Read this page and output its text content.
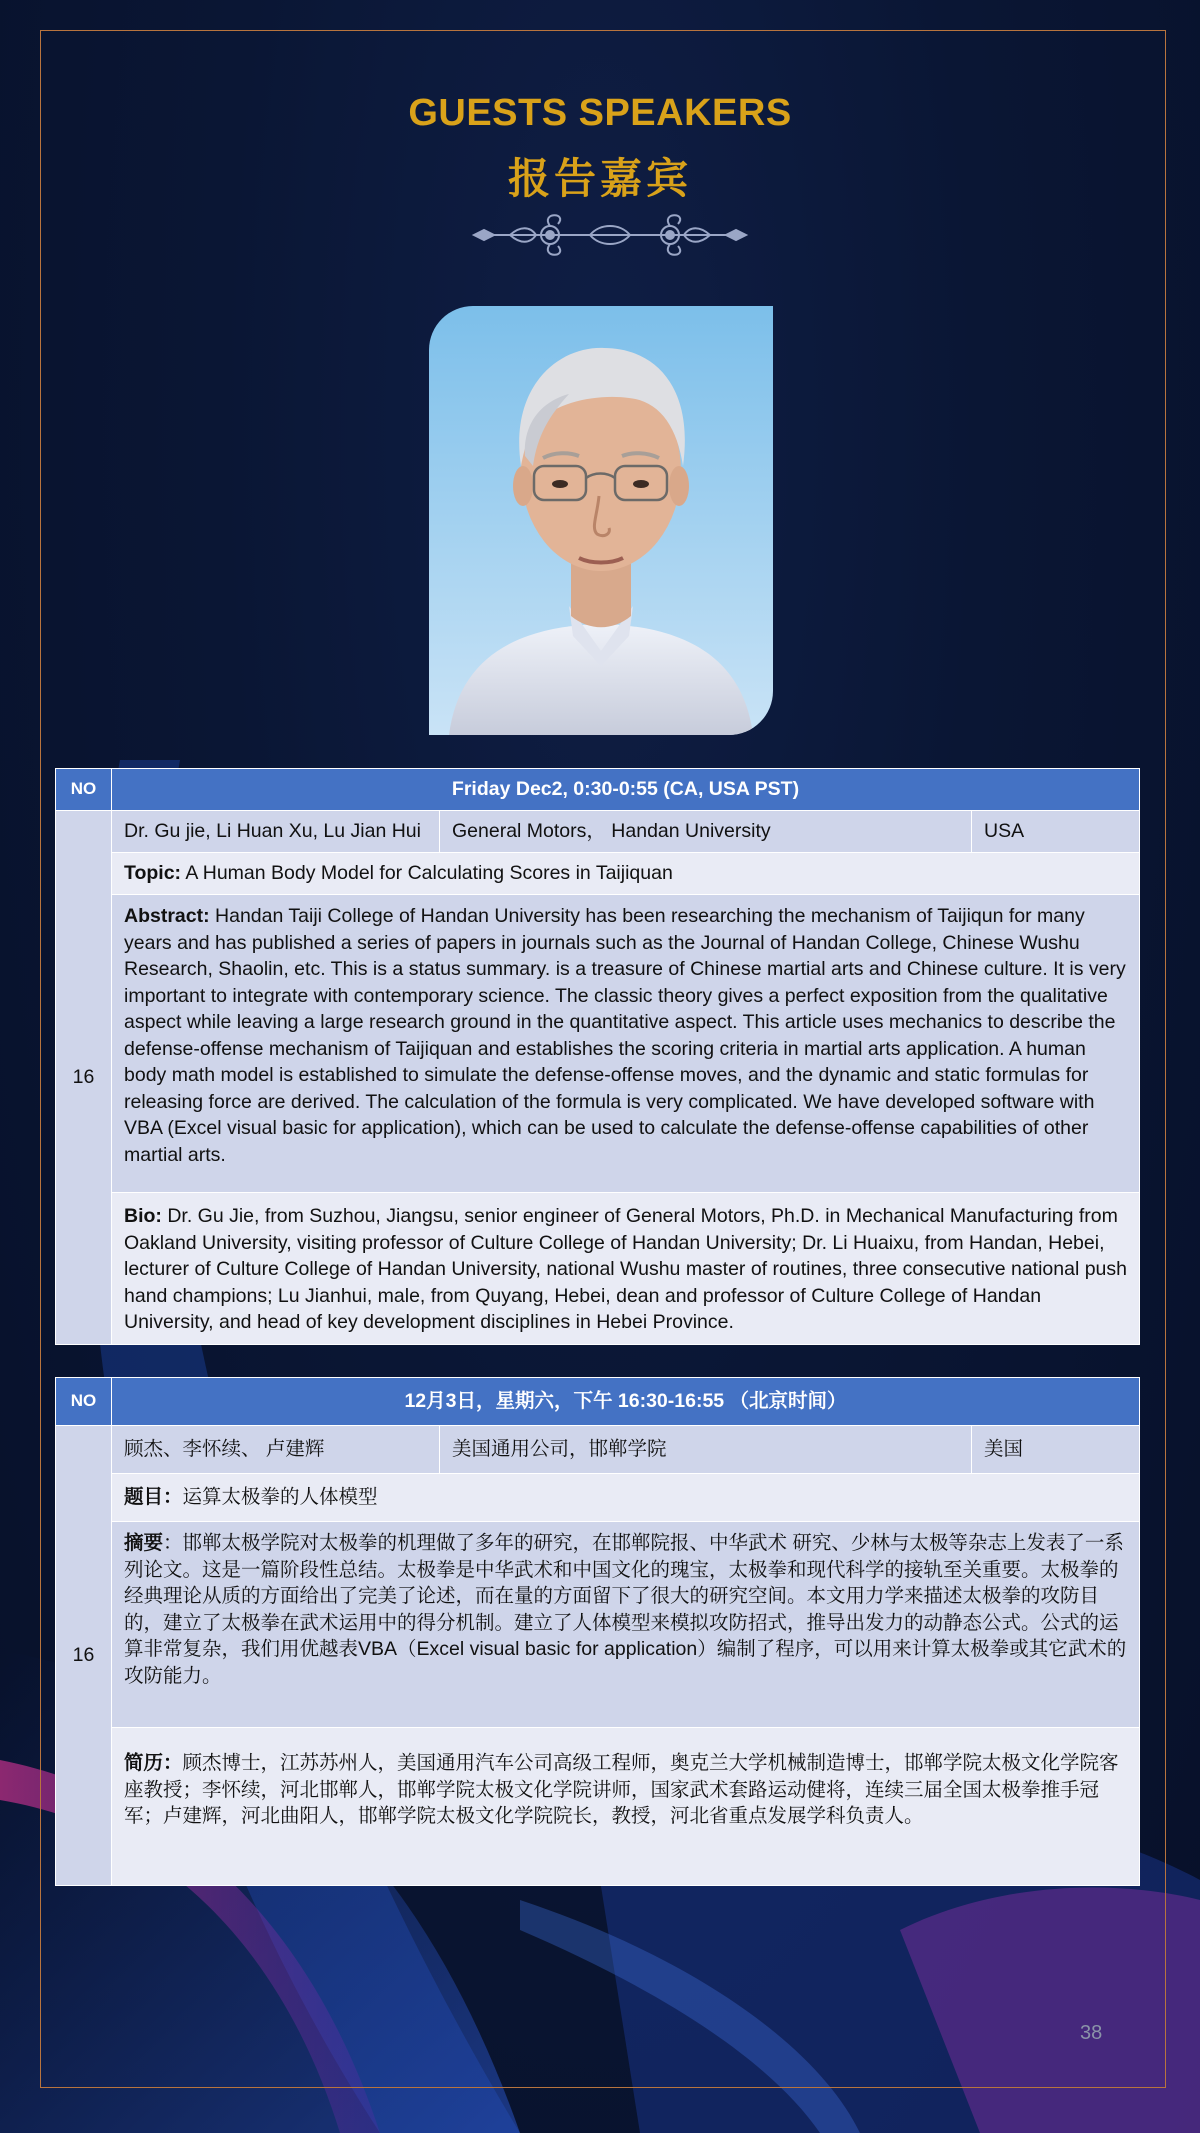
GUESTS SPEAKERS
报告嘉宾
NO	Friday Dec2, 0:30-0:55 (CA, USA PST)		
16	Dr. Gu jie, Li Huan Xu, Lu Jian Hui	General Motors， Handan University	USA
	Topic: A Human Body Model for Calculating Scores in Taijiquan		
	Abstract: Handan Taiji College of Handan University has been researching the mechanism of Taijiqun for many years and has published a series of papers in journals such as the Journal of Handan College, Chinese Wushu Research, Shaolin, etc. This is a status summary. is a treasure of Chinese martial arts and Chinese culture. It is very important to integrate with contemporary science. The classic theory gives a perfect exposition from the qualitative aspect while leaving a large research ground in the quantitative aspect. This article uses mechanics to describe the defense-offense mechanism of Taijiquan and establishes the scoring criteria in martial arts application. A human body math model is established to simulate the defense-offense moves, and the dynamic and static formulas for releasing force are derived. The calculation of the formula is very complicated. We have developed software with VBA (Excel visual basic for application), which can be used to calculate the defense-offense capabilities of other martial arts.		
	Bio: Dr. Gu Jie, from Suzhou, Jiangsu, senior engineer of General Motors, Ph.D. in Mechanical Manufacturing from Oakland University, visiting professor of Culture College of Handan University; Dr. Li Huaixu, from Handan, Hebei, lecturer of Culture College of Handan University, national Wushu master of routines, three consecutive national push hand champions; Lu Jianhui, male, from Quyang, Hebei, dean and professor of Culture College of Handan University, and head of key development disciplines in Hebei Province.		
NO	12月3日，星期六，下午 16:30-16:55 （北京时间）		
16	顾杰、李怀续、 卢建辉	美国通用公司，邯郸学院	美国
	题目：运算太极拳的人体模型		
	摘要：邯郸太极学院对太极拳的机理做了多年的研究，在邯郸院报、中华武术 研究、少林与太极等杂志上发表了一系列论文。这是一篇阶段性总结。太极拳是中华武术和中国文化的瑰宝，太极拳和现代科学的接轨至关重要。太极拳的经典理论从质的方面给出了完美了论述，而在量的方面留下了很大的研究空间。本文用力学来描述太极拳的攻防目的，建立了太极拳在武术运用中的得分机制。建立了人体模型来模拟攻防招式，推导出发力的动静态公式。公式的运算非常复杂，我们用优越表VBA（Excel visual basic for application）编制了程序，可以用来计算太极拳或其它武术的攻防能力。		
	简历：顾杰博士，江苏苏州人，美国通用汽车公司高级工程师，奥克兰大学机械制造博士，邯郸学院太极文化学院客座教授；李怀续，河北邯郸人，邯郸学院太极文化学院讲师，国家武术套路运动健将，连续三届全国太极拳推手冠军；卢建辉，河北曲阳人，邯郸学院太极文化学院院长，教授，河北省重点发展学科负责人。		
38
